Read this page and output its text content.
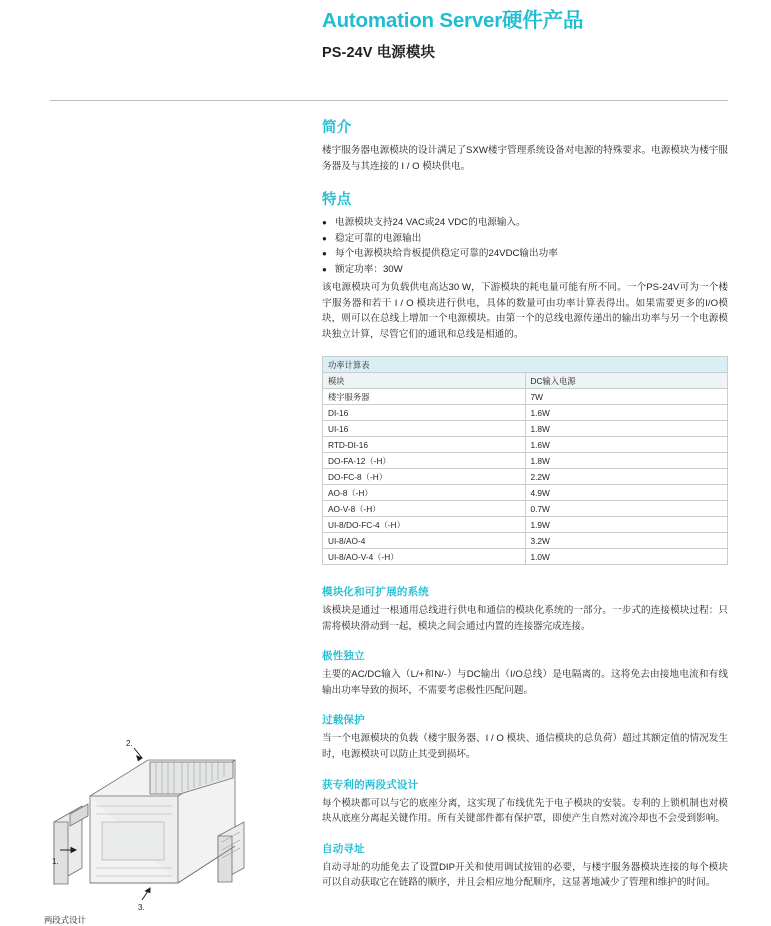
Automation Server硬件产品
PS-24V 电源模块
简介

楼宇服务器电源模块的设计满足了SXW楼宇管理系统设备对电源的特殊要求。电源模块为楼宇服务器及与其连接的 I / O 模块供电。

特点
● 电源模块支持24 VAC或24 VDC的电源输入。
● 稳定可靠的电源输出
● 每个电源模块给肯板提供稳定可靠的24VDC输出功率
● 额定功率：30W

该电源模块可为负载供电高达30 W，下游模块的耗电量可能有所不同。一个PS-24V可为一个楼宇服务器和若干 I / O 模块进行供电，具体的数量可由功率计算表得出。如果需要更多的I/O模块，则可以在总线上增加一个电源模块。由第一个的总线电源传递出的输出功率与另一个电源模块独立计算，尽管它们的通讯和总线是相通的。

功率计算表	
模块	DC输入电源
楼宇服务器	7W
DI-16	1.6W
UI-16	1.8W
RTD-DI-16	1.6W
DO-FA-12（-H）	1.8W
DO-FC-8（-H）	2.2W
AO-8（-H）	4.9W
AO-V-8（-H）	0.7W
UI-8/DO-FC-4（-H）	1.9W
UI-8/AO-4	3.2W
UI-8/AO-V-4（-H）	1.0W
模块化和可扩展的系统

该模块是通过一根通用总线进行供电和通信的模块化系统的一部分。一步式的连接模块过程：只需将模块滑动到一起，模块之间会通过内置的连接器完成连接。

极性独立

主要的AC/DC输入（L/+和N/-）与DC输出（I/O总线）是电隔离的。这将免去由接地电流和有线输出功率导致的损坏，不需要考虑极性匹配问题。

过载保护

当一个电源模块的负载（楼宇服务器、I / O 模块、通信模块的总负荷）超过其额定值的情况发生时，电源模块可以防止其受到损坏。

获专利的两段式设计

每个模块都可以与它的底座分离，这实现了布线优先于电子模块的安装。专利的上锁机制也对模块从底座分离起关键作用。所有关键部件都有保护罩，即使产生自然对流冷却也不会受到影响。

自动寻址

自动寻址的功能免去了设置DIP开关和使用调试按钮的必要，与楼宇服务器模块连接的每个模块可以自动获取它在链路的顺序，并且会相应地分配顺序，这显著地减少了管理和维护的时间。

1.
2.
3.
两段式设计
